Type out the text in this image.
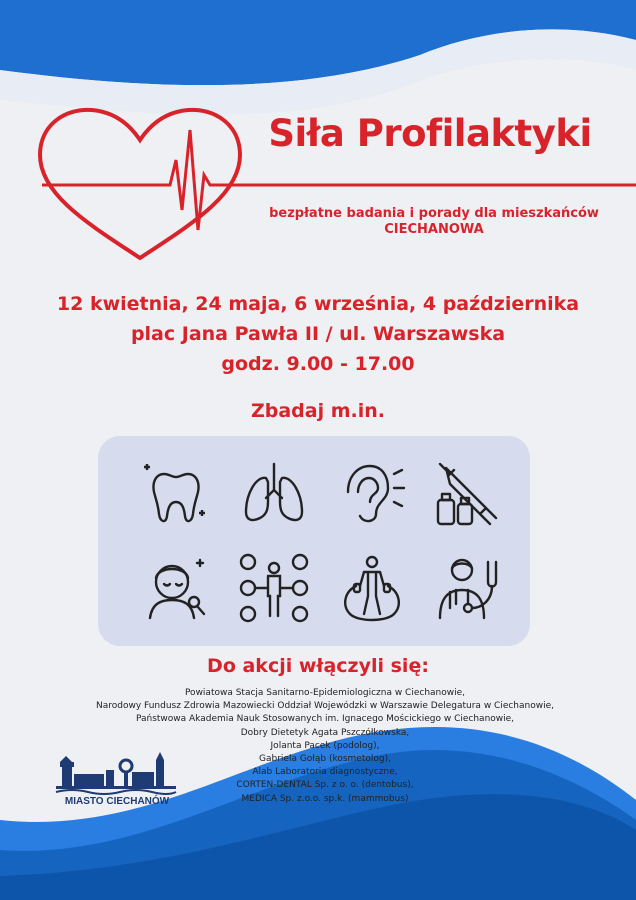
Siła Profilaktyki
bezpłatne badania i porady dla mieszkańców
CIECHANOWA
12 kwietnia, 24 maja, 6 września, 4 października
plac Jana Pawła II / ul. Warszawska
godz. 9.00 - 17.00
Zbadaj m.in.
Do akcji włączyli się:
Powiatowa Stacja Sanitarno-Epidemiologiczna w Ciechanowie,
Narodowy Fundusz Zdrowia Mazowiecki Oddział Wojewódzki w Warszawie Delegatura w Ciechanowie,
Państwowa Akademia Nauk Stosowanych im. Ignacego Mościckiego w Ciechanowie,
Dobry Dietetyk Agata Pszczółkowska,
Jolanta Pacek (podolog),
Gabriela Gołąb (kosmetolog),
Alab Laboratoria diagnostyczne,
CORTEN-DENTAL Sp. z o. o. (dentobus),
MEDICA Sp. z.o.o. sp.k. (mammobus)
MIASTO CIECHANÓW
